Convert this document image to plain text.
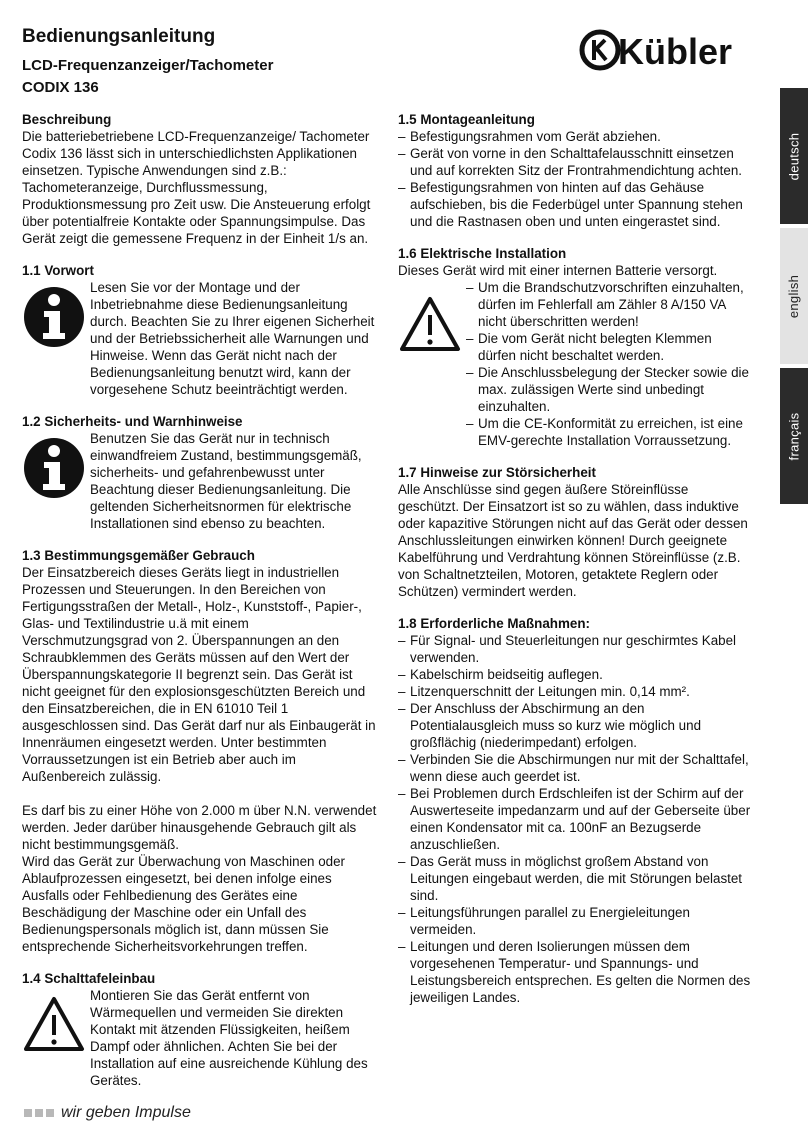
Bedienungsanleitung

LCD-Frequenzanzeiger/Tachometer

CODIX 136

Kübler
deutsch
english
français

Beschreibung

Die batteriebetriebene LCD-Frequenzanzeige/ Tachometer Codix 136 lässt sich in unterschiedlichsten Applikationen einsetzen. Typische Anwendungen sind z.B.: Tachometeranzeige, Durchflussmessung, Produktionsmessung pro Zeit usw. Die Ansteuerung erfolgt über potentialfreie Kontakte oder Spannungsimpulse. Das Gerät zeigt die gemessene Frequenz in der Einheit 1/s an.

1.1 Vorwort

Lesen Sie vor der Montage und der Inbetriebnahme diese Bedienungsanleitung durch. Beachten Sie zu Ihrer eigenen Sicherheit und der Betriebssicherheit alle Warnungen und Hinweise. Wenn das Gerät nicht nach der Bedienungsanleitung benutzt wird, kann der vorgesehene Schutz beeinträchtigt werden.

1.2 Sicherheits- und Warnhinweise

Benutzen Sie das Gerät nur in technisch einwandfreiem Zustand, bestimmungsgemäß, sicherheits- und gefahrenbewusst unter Beachtung dieser Bedienungsanleitung. Die geltenden Sicherheitsnormen für elektrische Installationen sind ebenso zu beachten.

1.3 Bestimmungsgemäßer Gebrauch

Der Einsatzbereich dieses Geräts liegt in industriellen Prozessen und Steuerungen. In den Bereichen von Fertigungsstraßen der Metall-, Holz-, Kunststoff-, Papier-, Glas- und Textilindustrie u.ä mit einem Verschmutzungsgrad von 2. Überspannungen an den Schraubklemmen des Geräts müssen auf den Wert der Überspannungskategorie II begrenzt sein. Das Gerät ist nicht geeignet für den explosionsgeschützten Bereich und den Einsatzbereichen, die in EN 61010 Teil 1 ausgeschlossen sind. Das Gerät darf nur als Einbaugerät in Innenräumen eingesetzt werden. Unter bestimmten Vorraussetzungen ist ein Betrieb aber auch im Außenbereich zulässig.

Es darf bis zu einer Höhe von 2.000 m über N.N. verwendet werden. Jeder darüber hinausgehende Gebrauch gilt als nicht bestimmungsgemäß.

Wird das Gerät zur Überwachung von Maschinen oder Ablaufprozessen eingesetzt, bei denen infolge eines Ausfalls oder Fehlbedienung des Gerätes eine Beschädigung der Maschine oder ein Unfall des Bedienungspersonals möglich ist, dann müssen Sie entsprechende Sicherheitsvorkehrungen treffen.

1.4 Schalttafeleinbau

Montieren Sie das Gerät entfernt von Wärmequellen und vermeiden Sie direkten Kontakt mit ätzenden Flüssigkeiten, heißem Dampf oder ähnlichen. Achten Sie bei der Installation auf eine ausreichende Kühlung des Gerätes.

1.5 Montageanleitung

– Befestigungsrahmen vom Gerät abziehen.
– Gerät von vorne in den Schalttafelausschnitt einsetzen und auf korrekten Sitz der Frontrahmendichtung achten.
– Befestigungsrahmen von hinten auf das Gehäuse aufschieben, bis die Federbügel unter Spannung stehen und die Rastnasen oben und unten eingerastet sind.

1.6 Elektrische Installation

Dieses Gerät wird mit einer internen Batterie versorgt.

– Um die Brandschutzvorschriften einzuhalten, dürfen im Fehlerfall am Zähler 8 A/150 VA nicht überschritten werden!
– Die vom Gerät nicht belegten Klemmen dürfen nicht beschaltet werden.
– Die Anschlussbelegung der Stecker sowie die max. zulässigen Werte sind unbedingt einzuhalten.
– Um die CE-Konformität zu erreichen, ist eine EMV-gerechte Installation Vorraussetzung.

1.7 Hinweise zur Störsicherheit

Alle Anschlüsse sind gegen äußere Störeinflüsse geschützt. Der Einsatzort ist so zu wählen, dass induktive oder kapazitive Störungen nicht auf das Gerät oder dessen Anschlussleitungen einwirken können! Durch geeignete Kabelführung und Verdrahtung können Störeinflüsse (z.B. von Schaltnetzteilen, Motoren, getaktete Reglern oder Schützen) vermindert werden.

1.8 Erforderliche Maßnahmen:

– Für Signal- und Steuerleitungen nur geschirmtes Kabel verwenden.
– Kabelschirm beidseitig auflegen.
– Litzenquerschnitt der Leitungen min. 0,14 mm².
– Der Anschluss der Abschirmung an den Potentialausgleich muss so kurz wie möglich und großflächig (niederimpedant) erfolgen.
– Verbinden Sie die Abschirmungen nur mit der Schalttafel, wenn diese auch geerdet ist.
– Bei Problemen durch Erdschleifen ist der Schirm auf der Auswerteseite impedanzarm und auf der Geberseite über einen Kondensator mit ca. 100nF an Bezugserde anzuschließen.
– Das Gerät muss in möglichst großem Abstand von Leitungen eingebaut werden, die mit Störungen belastet sind.
– Leitungsführungen parallel zu Energieleitungen vermeiden.
– Leitungen und deren Isolierungen müssen dem vorgesehenen Temperatur- und Spannungs- und Leistungsbereich entsprechen. Es gelten die Normen des jeweiligen Landes.
wir geben Impulse
